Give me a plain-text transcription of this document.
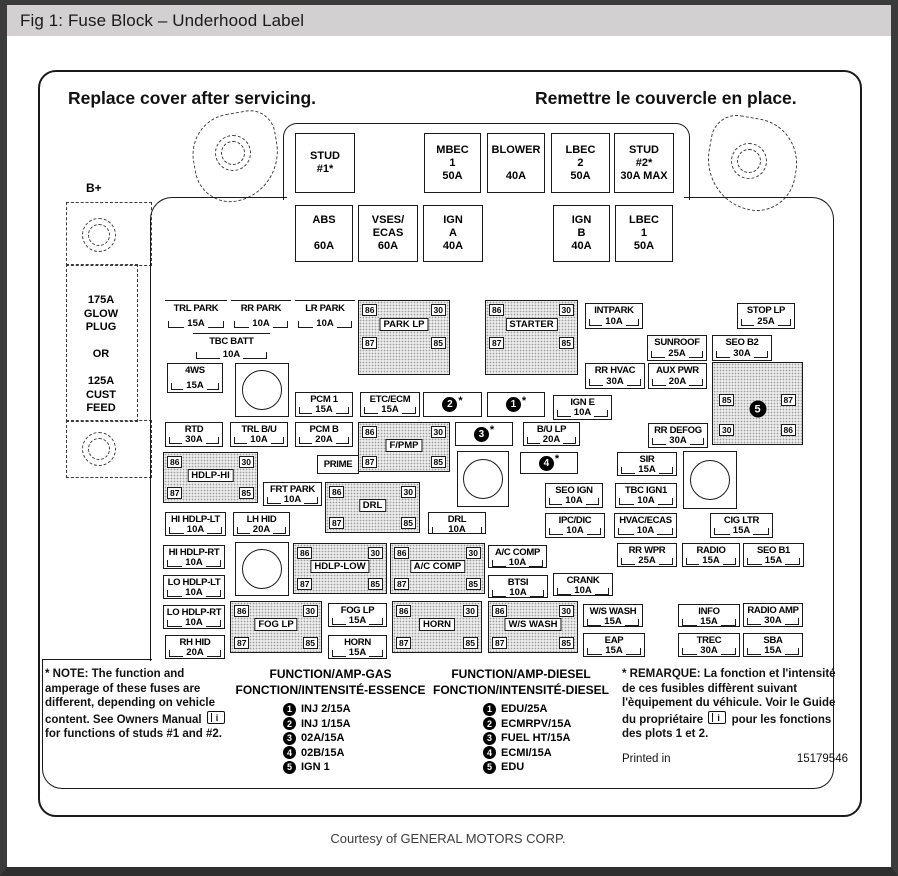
Fig 1: Fuse Block – Underhood Label
Replace cover after servicing.	Remettre le couvercle en place.
B+
175A
GLOW
PLUG

OR

125A
CUST
FEED
* NOTE: The function and amperage of these fuses are different, depending on vehicle content. See Owners Manual i for functions of studs #1 and #2.
FUNCTION/AMP-GAS
FONCTION/INTENSITÉ-ESSENCE
1 INJ 2/15A
2 INJ 1/15A
3 02A/15A
4 02B/15A
5 IGN 1
FUNCTION/AMP-DIESEL
FONCTION/INTENSITÉ-DIESEL
1 EDU/25A
2 ECMRPV/15A
3 FUEL HT/15A
4 ECMI/15A
5 EDU
* REMARQUE: La fonction et l'intensité de ces fusibles diffèrent suivant l'èquipement du véhicule. Voir le Guide du propriétaire i pour les fonctions des plots 1 et 2.
Printed in	15179546
Courtesy of GENERAL MOTORS CORP.
STUD
#1*
MBEC
1
50A
BLOWER

40A
LBEC
2
50A
STUD
#2*
30A MAX
ABS

60A
VSES/
ECAS
60A
IGN
A
40A
IGN
B
40A
LBEC
1
50A
TRL PARK
15A
RR PARK
10A
LR PARK
10A
TBC BATT
10A
INTPARK
10A
STOP LP
25A
SUNROOF
25A
SEO B2
30A
4WS
15A
RR HVAC
30A
AUX PWR
20A
PCM 1
15A
ETC/ECM
15A	2 *	1 *	IGN E
10A
RTD
30A
TRL B/U
10A
PCM B
20A	3 *	B/U LP
20A
RR DEFOG
30A
PRIME	4 *	SIR
15A
FRT PARK
10A
SEO IGN
10A
TBC IGN1
10A
HI HDLP-LT
10A
LH HID
20A
DRL
10A
IPC/DIC
10A
HVAC/ECAS
10A
CIG LTR
15A
HI HDLP-RT
10A
A/C COMP
10A
RR WPR
25A
RADIO
15A
SEO B1
15A
LO HDLP-LT
10A
BTSI
10A
CRANK
10A
LO HDLP-RT
10A
FOG LP
15A
W/S WASH
15A
INFO
15A
RADIO AMP
30A
RH HID
20A
HORN
15A
EAP
15A
TREC
30A
SBA
15A
86	30
87	85
PARK LP
86	30
87	85
STARTER
86	30
87	85
F/PMP
86	30
87	85
HDLP-HI
86	30
87	85
DRL
86	30
87	85
HDLP-LOW
86	30
87	85
A/C COMP
86	30
87	85
FOG LP
86	30
87	85
HORN
86	30
87	85
W/S WASH
85	87
30	86
5
